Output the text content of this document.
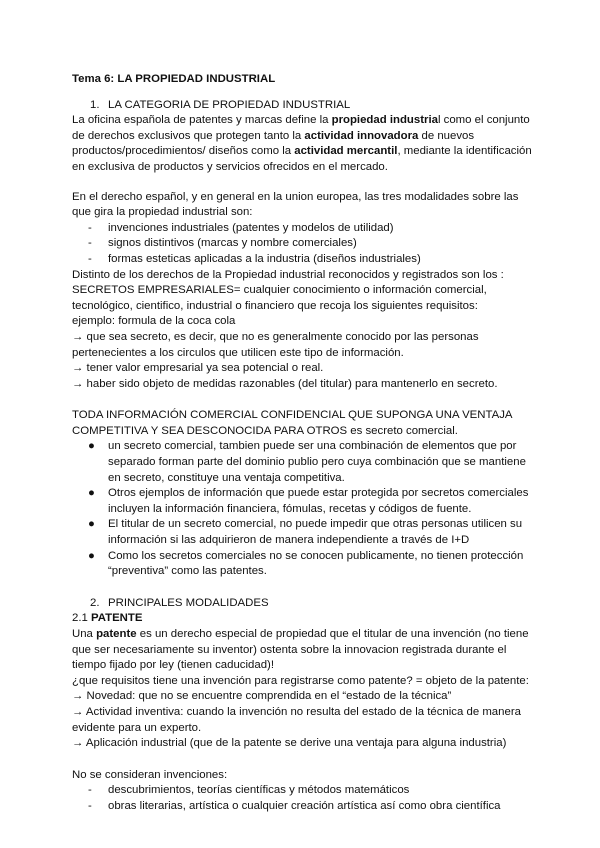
Tema 6: LA PROPIEDAD INDUSTRIAL

1. LA CATEGORIA DE PROPIEDAD INDUSTRIAL

La oficina española de patentes y marcas define la propiedad industrial como el conjunto de derechos exclusivos que protegen tanto la actividad innovadora de nuevos productos/procedimientos/ diseños como la actividad mercantil, mediante la identificación en exclusiva de productos y servicios ofrecidos en el mercado.

En el derecho español, y en general en la union europea, las tres modalidades sobre las que gira la propiedad industrial son:

-	invenciones industriales (patentes y modelos de utilidad)
-	signos distintivos (marcas y nombre comerciales)
-	formas esteticas aplicadas a la industria (diseños industriales)

Distinto de los derechos de la Propiedad industrial reconocidos y registrados son los : SECRETOS EMPRESARIALES= cualquier conocimiento o información comercial, tecnológico, cientifico, industrial o financiero que recoja los siguientes requisitos:

ejemplo: formula de la coca cola

→ que sea secreto, es decir, que no es generalmente conocido por las personas pertenecientes a los circulos que utilicen este tipo de información.

→ tener valor empresarial ya sea potencial o real.

→ haber sido objeto de medidas razonables (del titular) para mantenerlo en secreto.

TODA INFORMACIÓN COMERCIAL CONFIDENCIAL QUE SUPONGA UNA VENTAJA COMPETITIVA Y SEA DESCONOCIDA PARA OTROS es secreto comercial.

●	un secreto comercial, tambien puede ser una combinación de elementos que por separado forman parte del dominio publio pero cuya combinación que se mantiene en secreto, constituye una ventaja competitiva.
●	Otros ejemplos de información que puede estar protegida por secretos comerciales incluyen la información financiera, fómulas, recetas y códigos de fuente.
●	El titular de un secreto comercial, no puede impedir que otras personas utilicen su información si las adquirieron de manera independiente a través de I+D
●	Como los secretos comerciales no se conocen publicamente, no tienen protección “preventiva” como las patentes.
2. PRINCIPALES MODALIDADES

2.1 PATENTE

Una patente es un derecho especial de propiedad que el titular de una invención (no tiene que ser necesariamente su inventor) ostenta sobre la innovacion registrada durante el tiempo fijado por ley (tienen caducidad)!

¿que requisitos tiene una invención para registrarse como patente? = objeto de la patente:

→ Novedad: que no se encuentre comprendida en el “estado de la técnica”

→ Actividad inventiva: cuando la invención no resulta del estado de la técnica de manera evidente para un experto.

→ Aplicación industrial (que de la patente se derive una ventaja para alguna industria)

No se consideran invenciones:

-	descubrimientos, teorías científicas y métodos matemáticos
-	obras literarias, artística o cualquier creación artística así como obra científica
